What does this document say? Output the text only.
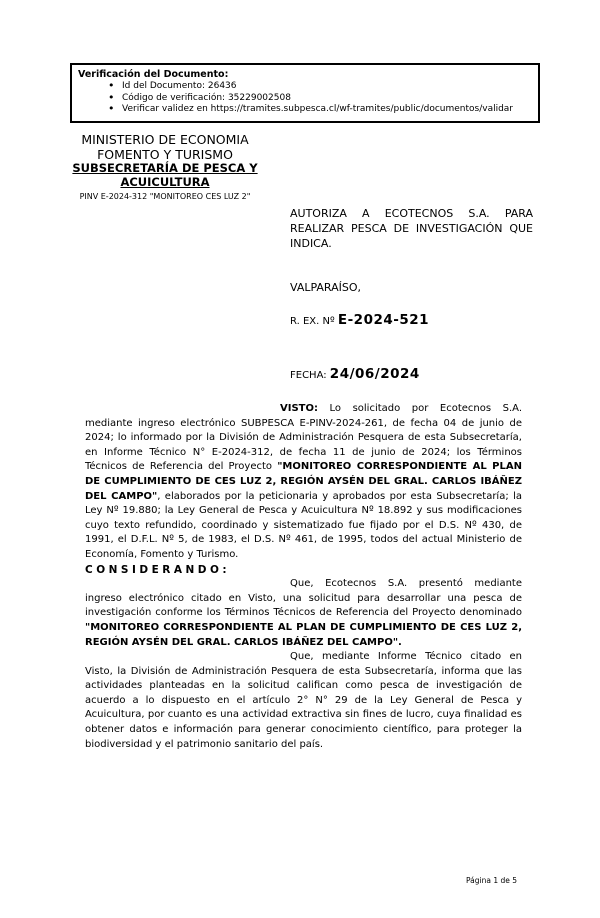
Verificación del Documento:
• Id del Documento: 26436
• Código de verificación: 35229002508
• Verificar validez en https://tramites.subpesca.cl/wf-tramites/public/documentos/validar
MINISTERIO DE ECONOMIA
FOMENTO Y TURISMO
SUBSECRETARÍA DE PESCA Y
ACUICULTURA
PINV E-2024-312 "MONITOREO CES LUZ 2"
AUTORIZA A ECOTECNOS S.A. PARA REALIZAR PESCA DE INVESTIGACIÓN QUE INDICA.
VALPARAÍSO,
R. EX. Nº E-2024-521
FECHA: 24/06/2024

VISTO: Lo solicitado por Ecotecnos S.A. mediante ingreso electrónico SUBPESCA E-PINV-2024-261, de fecha 04 de junio de 2024; lo informado por la División de Administración Pesquera de esta Subsecretaría, en Informe Técnico N° E-2024-312, de fecha 11 de junio de 2024; los Términos Técnicos de Referencia del Proyecto "MONITOREO CORRESPONDIENTE AL PLAN DE CUMPLIMIENTO DE CES LUZ 2, REGIÓN AYSÉN DEL GRAL. CARLOS IBÁÑEZ DEL CAMPO", elaborados por la peticionaria y aprobados por esta Subsecretaría; la Ley Nº 19.880; la Ley General de Pesca y Acuicultura Nº 18.892 y sus modificaciones cuyo texto refundido, coordinado y sistematizado fue fijado por el D.S. Nº 430, de 1991, el D.F.L. Nº 5, de 1983, el D.S. Nº 461, de 1995, todos del actual Ministerio de Economía, Fomento y Turismo.

CONSIDERANDO:

Que, Ecotecnos S.A. presentó mediante ingreso electrónico citado en Visto, una solicitud para desarrollar una pesca de investigación conforme los Términos Técnicos de Referencia del Proyecto denominado "MONITOREO CORRESPONDIENTE AL PLAN DE CUMPLIMIENTO DE CES LUZ 2, REGIÓN AYSÉN DEL GRAL. CARLOS IBÁÑEZ DEL CAMPO".

Que, mediante Informe Técnico citado en Visto, la División de Administración Pesquera de esta Subsecretaría, informa que las actividades planteadas en la solicitud califican como pesca de investigación de acuerdo a lo dispuesto en el artículo 2° N° 29 de la Ley General de Pesca y Acuicultura, por cuanto es una actividad extractiva sin fines de lucro, cuya finalidad es obtener datos e información para generar conocimiento científico, para proteger la biodiversidad y el patrimonio sanitario del país.

Página 1 de 5
